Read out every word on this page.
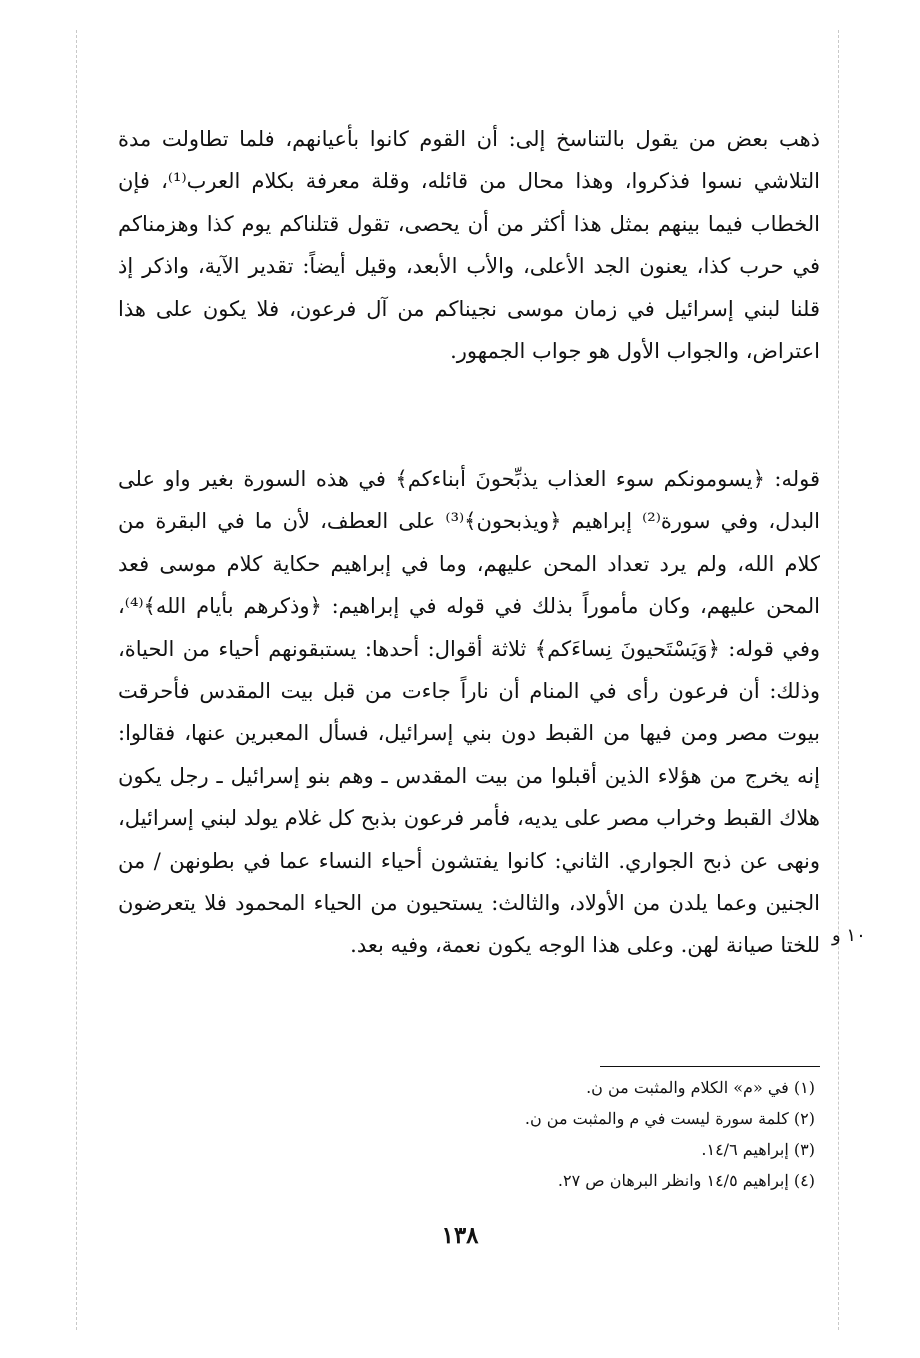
ذهب بعض من يقول بالتناسخ إلى: أن القوم كانوا بأعيانهم، فلما تطاولت مدة التلاشي نسوا فذكروا، وهذا محال من قائله، وقلة معرفة بكلام العرب⁽¹⁾، فإن الخطاب فيما بينهم بمثل هذا أكثر من أن يحصى، تقول قتلناكم يوم كذا وهزمناكم في حرب كذا، يعنون الجد الأعلى، والأب الأبعد، وقيل أيضاً: تقدير الآية، واذكر إذ قلنا لبني إسرائيل في زمان موسى نجيناكم من آل فرعون، فلا يكون على هذا اعتراض، والجواب الأول هو جواب الجمهور.

قوله: ﴿يسومونكم سوء العذاب يذبِّحونَ أبناءكم﴾ في هذه السورة بغير واو على البدل، وفي سورة⁽²⁾ إبراهيم ﴿ويذبحون﴾⁽³⁾ على العطف، لأن ما في البقرة من كلام الله، ولم يرد تعداد المحن عليهم، وما في إبراهيم حكاية كلام موسى فعد المحن عليهم، وكان مأموراً بذلك في قوله في إبراهيم: ﴿وذكرهم بأيام الله﴾⁽⁴⁾، وفي قوله: ﴿وَيَسْتَحيونَ نِساءَكم﴾ ثلاثة أقوال: أحدها: يستبقونهم أحياء من الحياة، وذلك: أن فرعون رأى في المنام أن ناراً جاءت من قبل بيت المقدس فأحرقت بيوت مصر ومن فيها من القبط دون بني إسرائيل، فسأل المعبرين عنها، فقالوا: إنه يخرج من هؤلاء الذين أقبلوا من بيت المقدس ـ وهم بنو إسرائيل ـ رجل يكون هلاك القبط وخراب مصر على يديه، فأمر فرعون بذبح كل غلام يولد لبني إسرائيل، ونهى عن ذبح الجواري. الثاني: كانوا يفتشون أحياء النساء عما في بطونهن / من الجنين وعما يلدن من الأولاد، والثالث: يستحيون من الحياء المحمود فلا يتعرضون للختا صيانة لهن. وعلى هذا الوجه يكون نعمة، وفيه بعد. ١٠ و
(١) في «م» الكلام والمثبت من ن.
(٢) كلمة سورة ليست في م والمثبت من ن.
(٣) إبراهيم ١٤/٦.
(٤) إبراهيم ١٤/٥ وانظر البرهان ص ٢٧.
١٣٨
